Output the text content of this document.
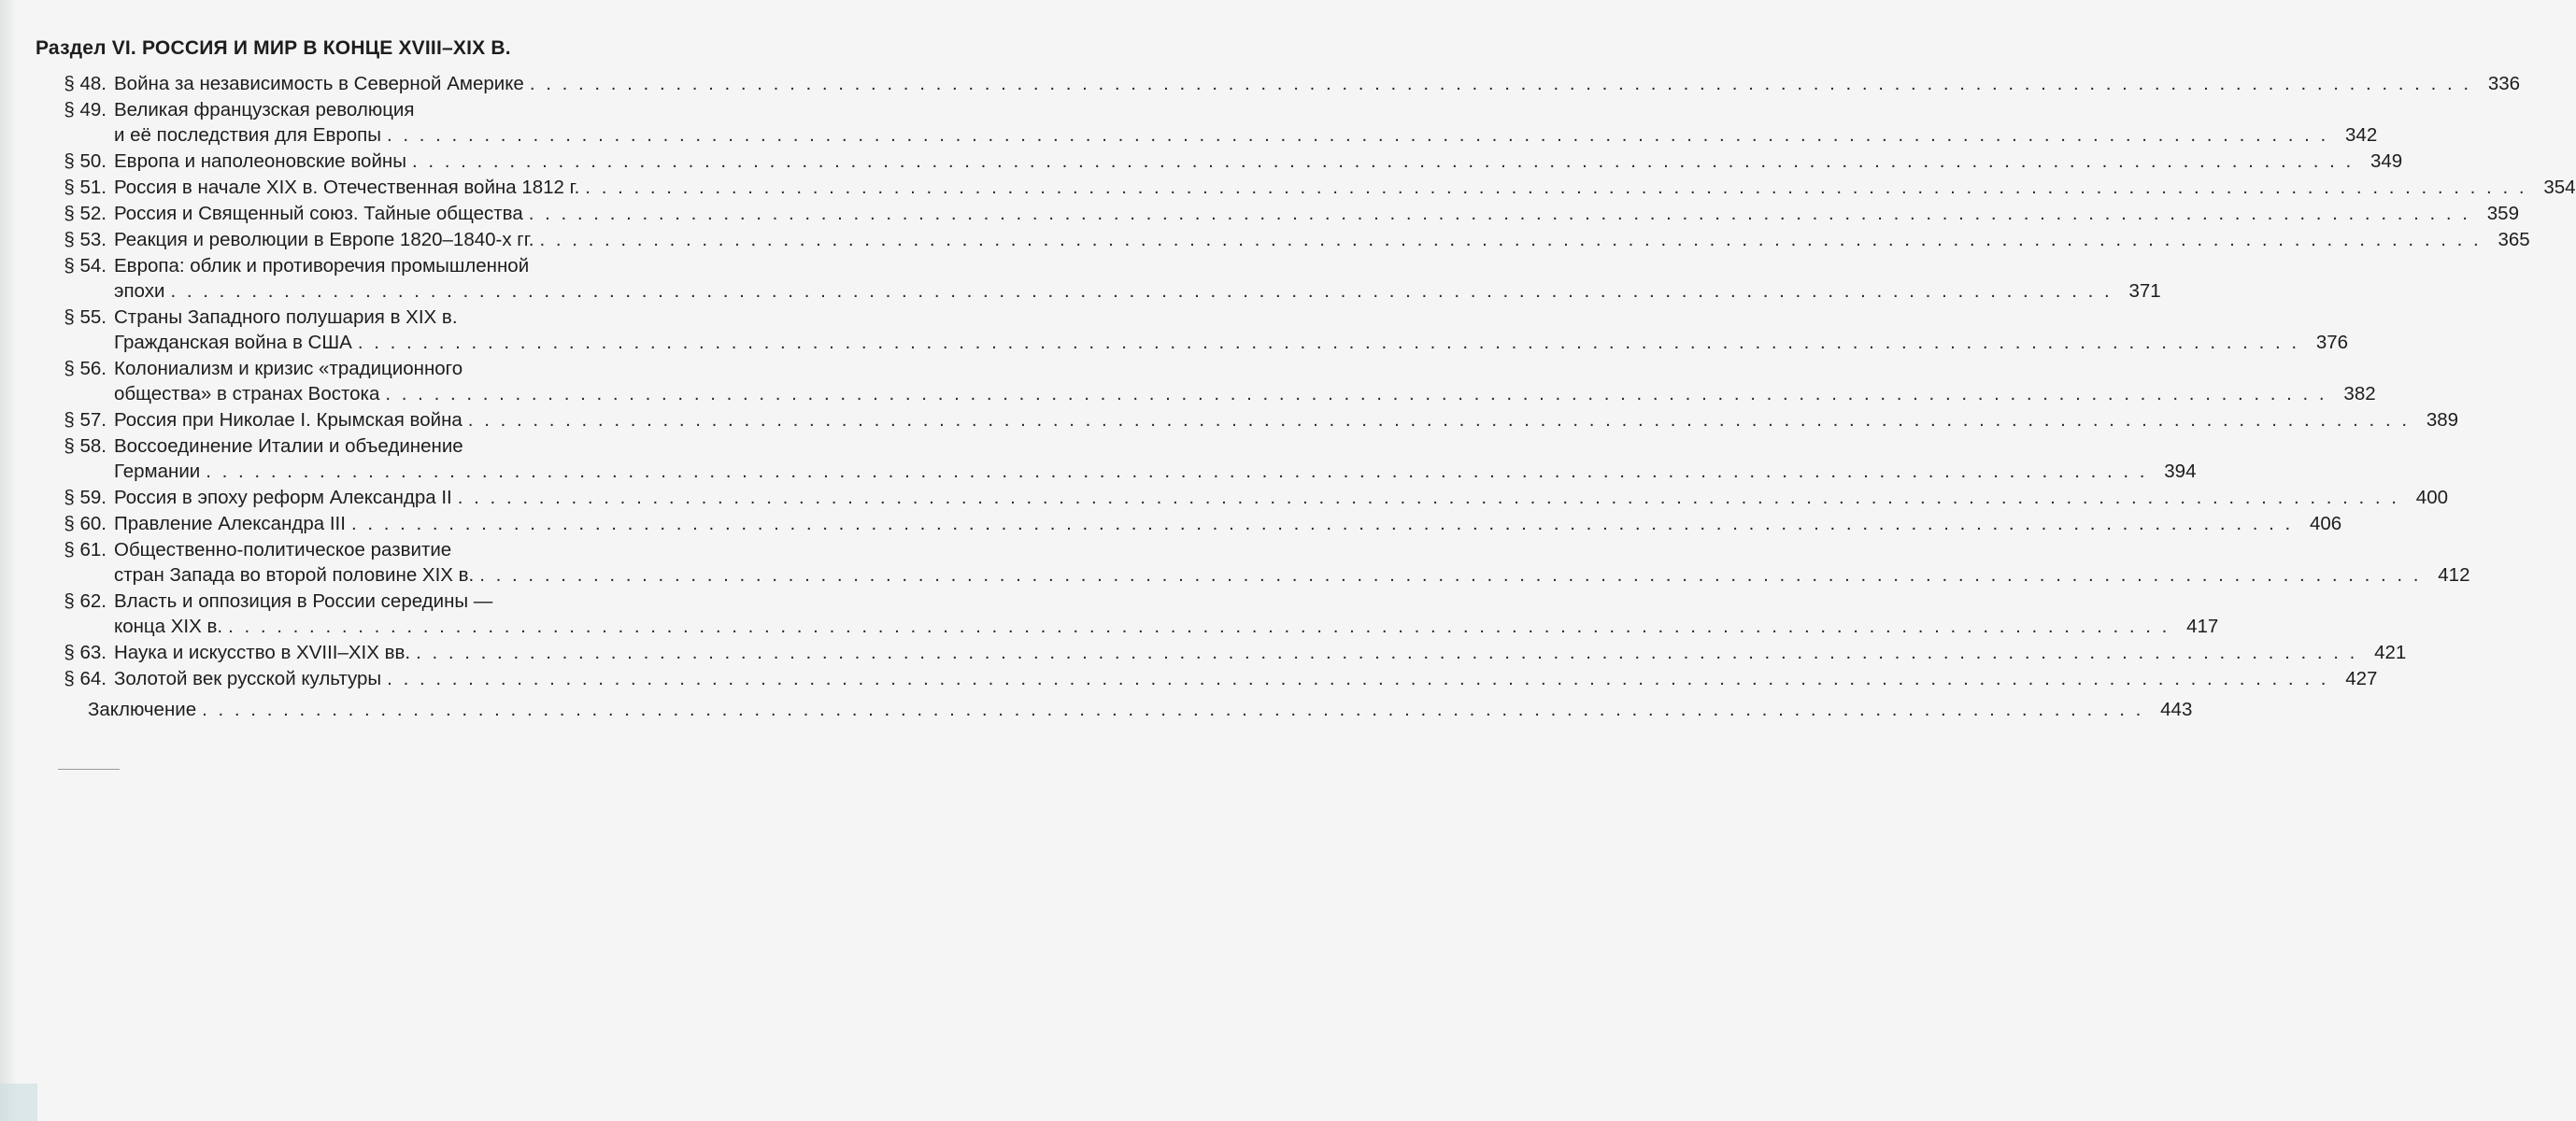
Раздел VI. РОССИЯ И МИР В КОНЦЕ XVIII–XIX В.
§ 48. Война за независимость в Северной Америке . . . . . . . . . . . . . . . . . . . . . . . . . . . . . . . . . . . . . . . . . . . . . . . . . . . . . . . . . . . . . . . . . . . . . . . . . . . . . . . . . . . . . . . . . . . . . . . . . . . . . . . . . . . . . . . . . . . . . . . . 336
§ 49. Великая французская революция
и её последствия для Европы . . . . . . . . . . . . . . . . . . . . . . . . . . . . . . . . . . . . . . . . . . . . . . . . . . . . . . . . . . . . . . . . . . . . . . . . . . . . . . . . . . . . . . . . . . . . . . . . . . . . . . . . . . . . . . . . . . . . . . . . 342
§ 50. Европа и наполеоновские войны . . . . . . . . . . . . . . . . . . . . . . . . . . . . . . . . . . . . . . . . . . . . . . . . . . . . . . . . . . . . . . . . . . . . . . . . . . . . . . . . . . . . . . . . . . . . . . . . . . . . . . . . . . . . . . . . . . . . . . . . 349
§ 51. Россия в начале XIX в. Отечественная война 1812 г. . . . . . . . . . . . . . . . . . . . . . . . . . . . . . . . . . . . . . . . . . . . . . . . . . . . . . . . . . . . . . . . . . . . . . . . . . . . . . . . . . . . . . . . . . . . . . . . . . . . . . . . . . . . . . . . . . . . . . . . . 354
§ 52. Россия и Священный союз. Тайные общества . . . . . . . . . . . . . . . . . . . . . . . . . . . . . . . . . . . . . . . . . . . . . . . . . . . . . . . . . . . . . . . . . . . . . . . . . . . . . . . . . . . . . . . . . . . . . . . . . . . . . . . . . . . . . . . . . . . . . . . . 359
§ 53. Реакция и революции в Европе 1820–1840-х гг. . . . . . . . . . . . . . . . . . . . . . . . . . . . . . . . . . . . . . . . . . . . . . . . . . . . . . . . . . . . . . . . . . . . . . . . . . . . . . . . . . . . . . . . . . . . . . . . . . . . . . . . . . . . . . . . . . . . . . . . . 365
§ 54. Европа: облик и противоречия промышленной
эпохи . . . . . . . . . . . . . . . . . . . . . . . . . . . . . . . . . . . . . . . . . . . . . . . . . . . . . . . . . . . . . . . . . . . . . . . . . . . . . . . . . . . . . . . . . . . . . . . . . . . . . . . . . . . . . . . . . . . . . . . . 371
§ 55. Страны Западного полушария в XIX в.
Гражданская война в США . . . . . . . . . . . . . . . . . . . . . . . . . . . . . . . . . . . . . . . . . . . . . . . . . . . . . . . . . . . . . . . . . . . . . . . . . . . . . . . . . . . . . . . . . . . . . . . . . . . . . . . . . . . . . . . . . . . . . . . . 376
§ 56. Колониализм и кризис «традиционного
общества» в странах Востока . . . . . . . . . . . . . . . . . . . . . . . . . . . . . . . . . . . . . . . . . . . . . . . . . . . . . . . . . . . . . . . . . . . . . . . . . . . . . . . . . . . . . . . . . . . . . . . . . . . . . . . . . . . . . . . . . . . . . . . . 382
§ 57. Россия при Николае I. Крымская война . . . . . . . . . . . . . . . . . . . . . . . . . . . . . . . . . . . . . . . . . . . . . . . . . . . . . . . . . . . . . . . . . . . . . . . . . . . . . . . . . . . . . . . . . . . . . . . . . . . . . . . . . . . . . . . . . . . . . . . . 389
§ 58. Воссоединение Италии и объединение
Германии . . . . . . . . . . . . . . . . . . . . . . . . . . . . . . . . . . . . . . . . . . . . . . . . . . . . . . . . . . . . . . . . . . . . . . . . . . . . . . . . . . . . . . . . . . . . . . . . . . . . . . . . . . . . . . . . . . . . . . . . 394
§ 59. Россия в эпоху реформ Александра II . . . . . . . . . . . . . . . . . . . . . . . . . . . . . . . . . . . . . . . . . . . . . . . . . . . . . . . . . . . . . . . . . . . . . . . . . . . . . . . . . . . . . . . . . . . . . . . . . . . . . . . . . . . . . . . . . . . . . . . . 400
§ 60. Правление Александра III . . . . . . . . . . . . . . . . . . . . . . . . . . . . . . . . . . . . . . . . . . . . . . . . . . . . . . . . . . . . . . . . . . . . . . . . . . . . . . . . . . . . . . . . . . . . . . . . . . . . . . . . . . . . . . . . . . . . . . . . 406
§ 61. Общественно-политическое развитие
стран Запада во второй половине XIX в. . . . . . . . . . . . . . . . . . . . . . . . . . . . . . . . . . . . . . . . . . . . . . . . . . . . . . . . . . . . . . . . . . . . . . . . . . . . . . . . . . . . . . . . . . . . . . . . . . . . . . . . . . . . . . . . . . . . . . . . . 412
§ 62. Власть и оппозиция в России середины —
конца XIX в. . . . . . . . . . . . . . . . . . . . . . . . . . . . . . . . . . . . . . . . . . . . . . . . . . . . . . . . . . . . . . . . . . . . . . . . . . . . . . . . . . . . . . . . . . . . . . . . . . . . . . . . . . . . . . . . . . . . . . . . . 417
§ 63. Наука и искусство в XVIII–XIX вв. . . . . . . . . . . . . . . . . . . . . . . . . . . . . . . . . . . . . . . . . . . . . . . . . . . . . . . . . . . . . . . . . . . . . . . . . . . . . . . . . . . . . . . . . . . . . . . . . . . . . . . . . . . . . . . . . . . . . . . . . 421
§ 64. Золотой век русской культуры . . . . . . . . . . . . . . . . . . . . . . . . . . . . . . . . . . . . . . . . . . . . . . . . . . . . . . . . . . . . . . . . . . . . . . . . . . . . . . . . . . . . . . . . . . . . . . . . . . . . . . . . . . . . . . . . . . . . . . . . 427
Заключение . . . . . . . . . . . . . . . . . . . . . . . . . . . . . . . . . . . . . . . . . . . . . . . . . . . . . . . . . . . . . . . . . . . . . . . . . . . . . . . . . . . . . . . . . . . . . . . . . . . . . . . . . . . . . . . . . . . . . . . . 443
